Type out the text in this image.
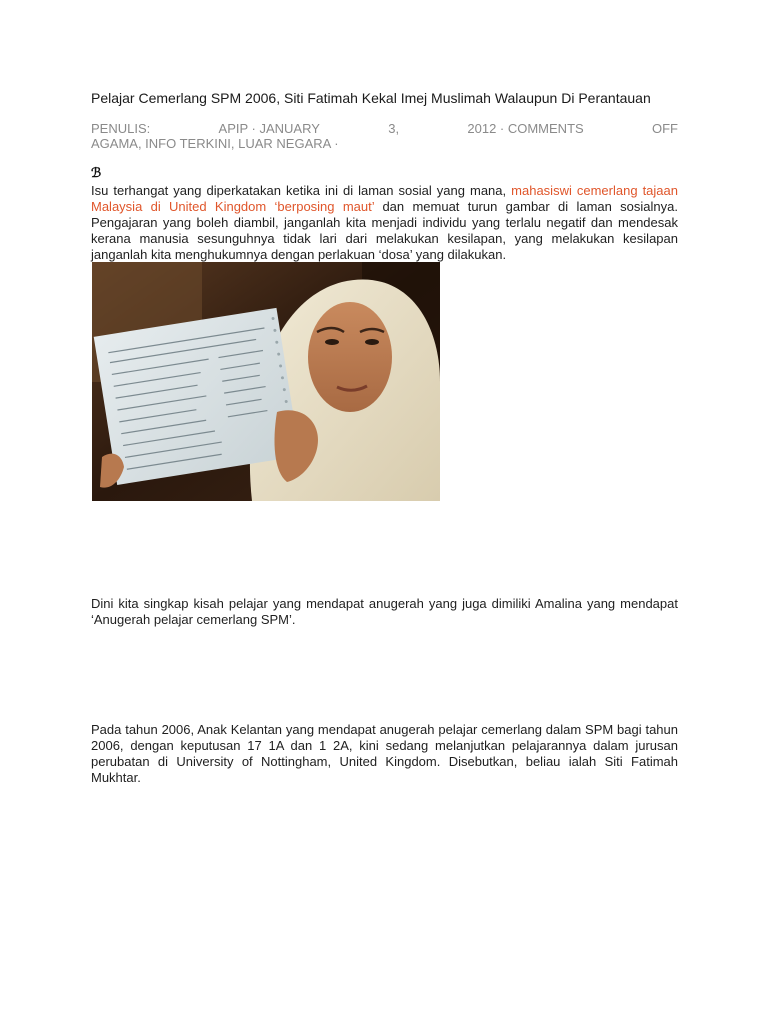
Pelajar Cemerlang SPM 2006, Siti Fatimah Kekal Imej Muslimah Walaupun Di Perantauan
PENULIS:	APIP · JANUARY	3,	2012 · COMMENTS	OFF
AGAMA, INFO TERKINI, LUAR NEGARA ·
ℬ

Isu terhangat yang diperkatakan ketika ini di laman sosial yang mana, mahasiswi cemerlang tajaan Malaysia di United Kingdom ‘berposing maut’ dan memuat turun gambar di laman sosialnya. Pengajaran yang boleh diambil, janganlah kita menjadi individu yang terlalu negatif dan mendesak kerana manusia sesunguhnya tidak lari dari melakukan kesilapan, yang melakukan kesilapan janganlah kita menghukumnya dengan perlakuan ‘dosa’ yang dilakukan.

Dini kita singkap kisah pelajar yang mendapat anugerah yang juga dimiliki Amalina yang mendapat ‘Anugerah pelajar cemerlang SPM’.

Pada tahun 2006, Anak Kelantan yang mendapat anugerah pelajar cemerlang dalam SPM bagi tahun 2006, dengan keputusan 17 1A dan 1 2A, kini sedang melanjutkan pelajarannya dalam jurusan perubatan di University of Nottingham, United Kingdom. Disebutkan, beliau ialah Siti Fatimah Mukhtar.
